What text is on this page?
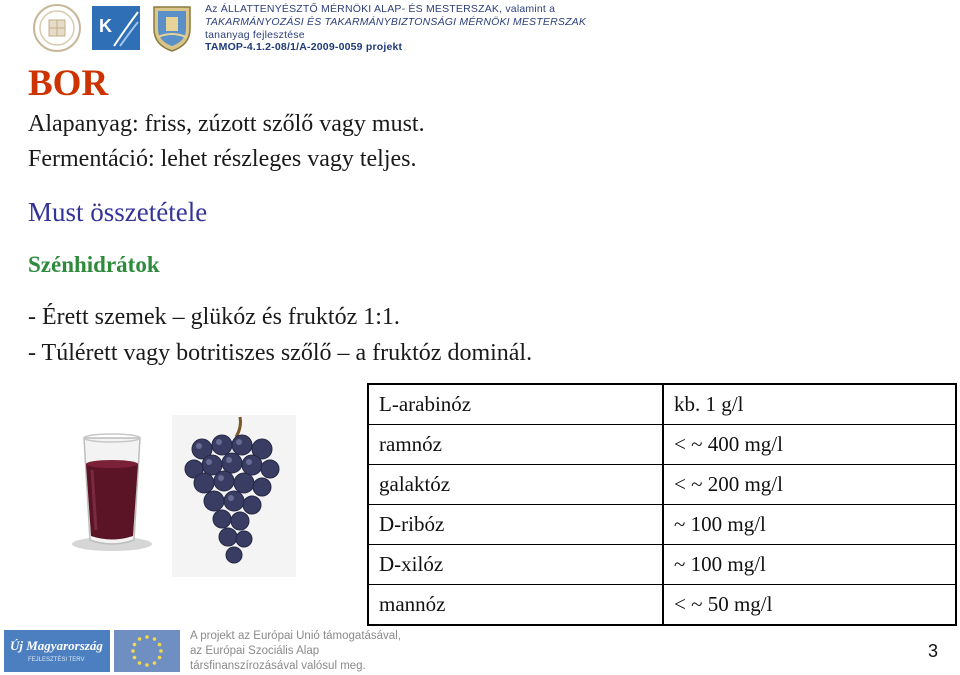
K
Az ÁLLATTENYÉSZTŐ MÉRNÖKI ALAP- ÉS MESTERSZAK, valamint a
TAKARMÁNYOZÁSI ÉS TAKARMÁNYBIZTONSÁGI MÉRNÖKI MESTERSZAK
tananyag fejlesztése
TAMOP-4.1.2-08/1/A-2009-0059 projekt
BOR
Alapanyag: friss, zúzott szőlő vagy must.
Fermentáció: lehet részleges vagy teljes.
Must összetétele
Szénhidrátok
- Érett szemek – glükóz és fruktóz 1:1.
- Túlérett vagy botritiszes szőlő – a fruktóz dominál.
L-arabinóz	kb. 1 g/l
ramnóz	< ~ 400 mg/l
galaktóz	< ~ 200 mg/l
D-ribóz	~ 100 mg/l
D-xilóz	~ 100 mg/l
mannóz	< ~ 50 mg/l
Új Magyarország
FEJLESZTÉSI TERV
A projekt az Európai Unió támogatásával,
az Európai Szociális Alap
társfinanszírozásával valósul meg.
3
